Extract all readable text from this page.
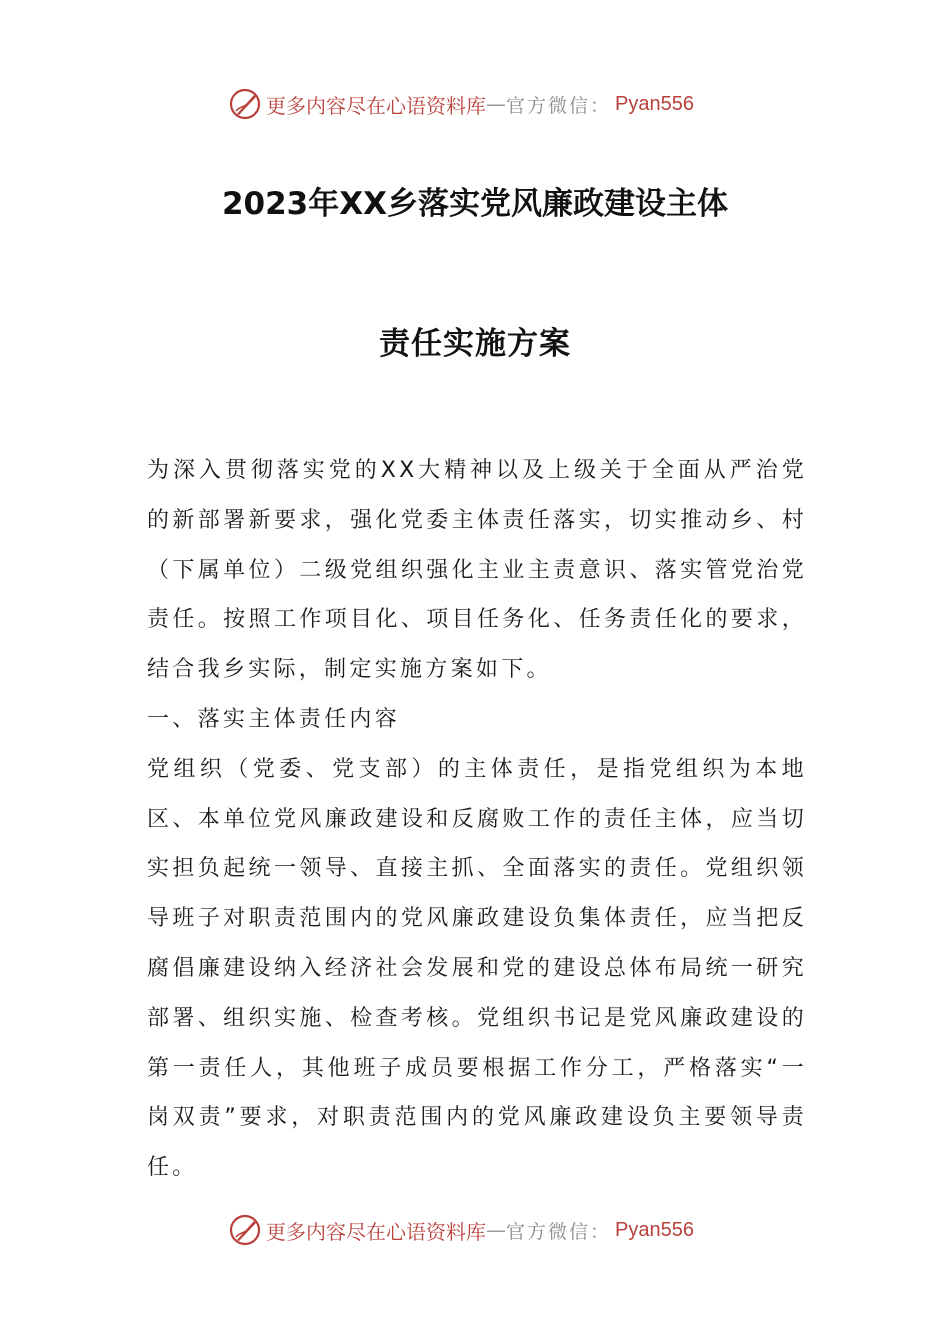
更多内容尽在心语资料库 — 官方微信： Pyan556
2023年XX乡落实党风廉政建设主体
责任实施方案

为深入贯彻落实党的XX大精神以及上级关于全面从严治党的新部署新要求，强化党委主体责任落实，切实推动乡、村（下属单位）二级党组织强化主业主责意识、落实管党治党责任。按照工作项目化、项目任务化、任务责任化的要求，结合我乡实际，制定实施方案如下。

一、落实主体责任内容

党组织（党委、党支部）的主体责任，是指党组织为本地区、本单位党风廉政建设和反腐败工作的责任主体，应当切实担负起统一领导、直接主抓、全面落实的责任。党组织领导班子对职责范围内的党风廉政建设负集体责任，应当把反腐倡廉建设纳入经济社会发展和党的建设总体布局统一研究部署、组织实施、检查考核。党组织书记是党风廉政建设的第一责任人，其他班子成员要根据工作分工，严格落实“一岗双责”要求，对职责范围内的党风廉政建设负主要领导责任。

更多内容尽在心语资料库 — 官方微信： Pyan556
